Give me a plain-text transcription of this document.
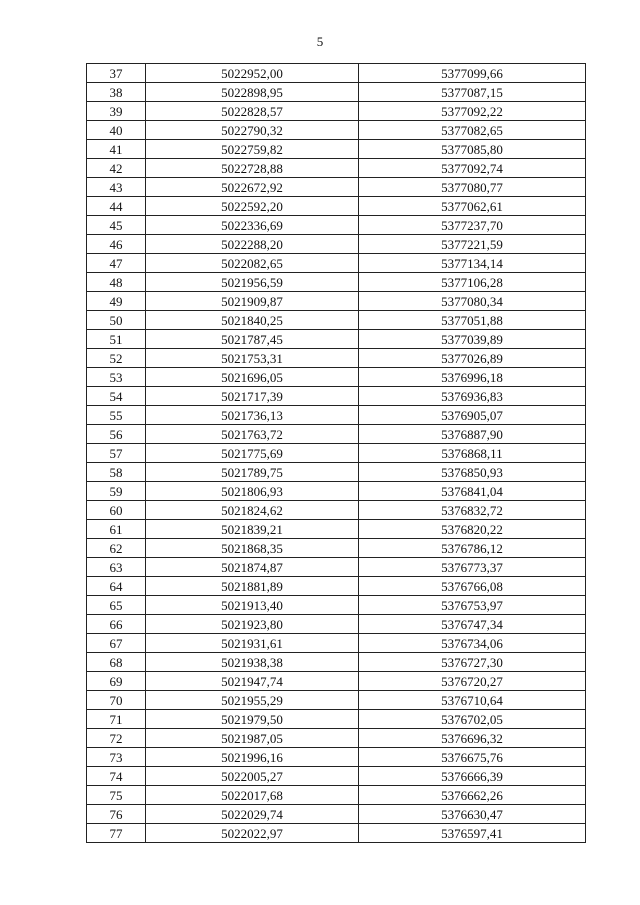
5
37	5022952,00	5377099,66
38	5022898,95	5377087,15
39	5022828,57	5377092,22
40	5022790,32	5377082,65
41	5022759,82	5377085,80
42	5022728,88	5377092,74
43	5022672,92	5377080,77
44	5022592,20	5377062,61
45	5022336,69	5377237,70
46	5022288,20	5377221,59
47	5022082,65	5377134,14
48	5021956,59	5377106,28
49	5021909,87	5377080,34
50	5021840,25	5377051,88
51	5021787,45	5377039,89
52	5021753,31	5377026,89
53	5021696,05	5376996,18
54	5021717,39	5376936,83
55	5021736,13	5376905,07
56	5021763,72	5376887,90
57	5021775,69	5376868,11
58	5021789,75	5376850,93
59	5021806,93	5376841,04
60	5021824,62	5376832,72
61	5021839,21	5376820,22
62	5021868,35	5376786,12
63	5021874,87	5376773,37
64	5021881,89	5376766,08
65	5021913,40	5376753,97
66	5021923,80	5376747,34
67	5021931,61	5376734,06
68	5021938,38	5376727,30
69	5021947,74	5376720,27
70	5021955,29	5376710,64
71	5021979,50	5376702,05
72	5021987,05	5376696,32
73	5021996,16	5376675,76
74	5022005,27	5376666,39
75	5022017,68	5376662,26
76	5022029,74	5376630,47
77	5022022,97	5376597,41
